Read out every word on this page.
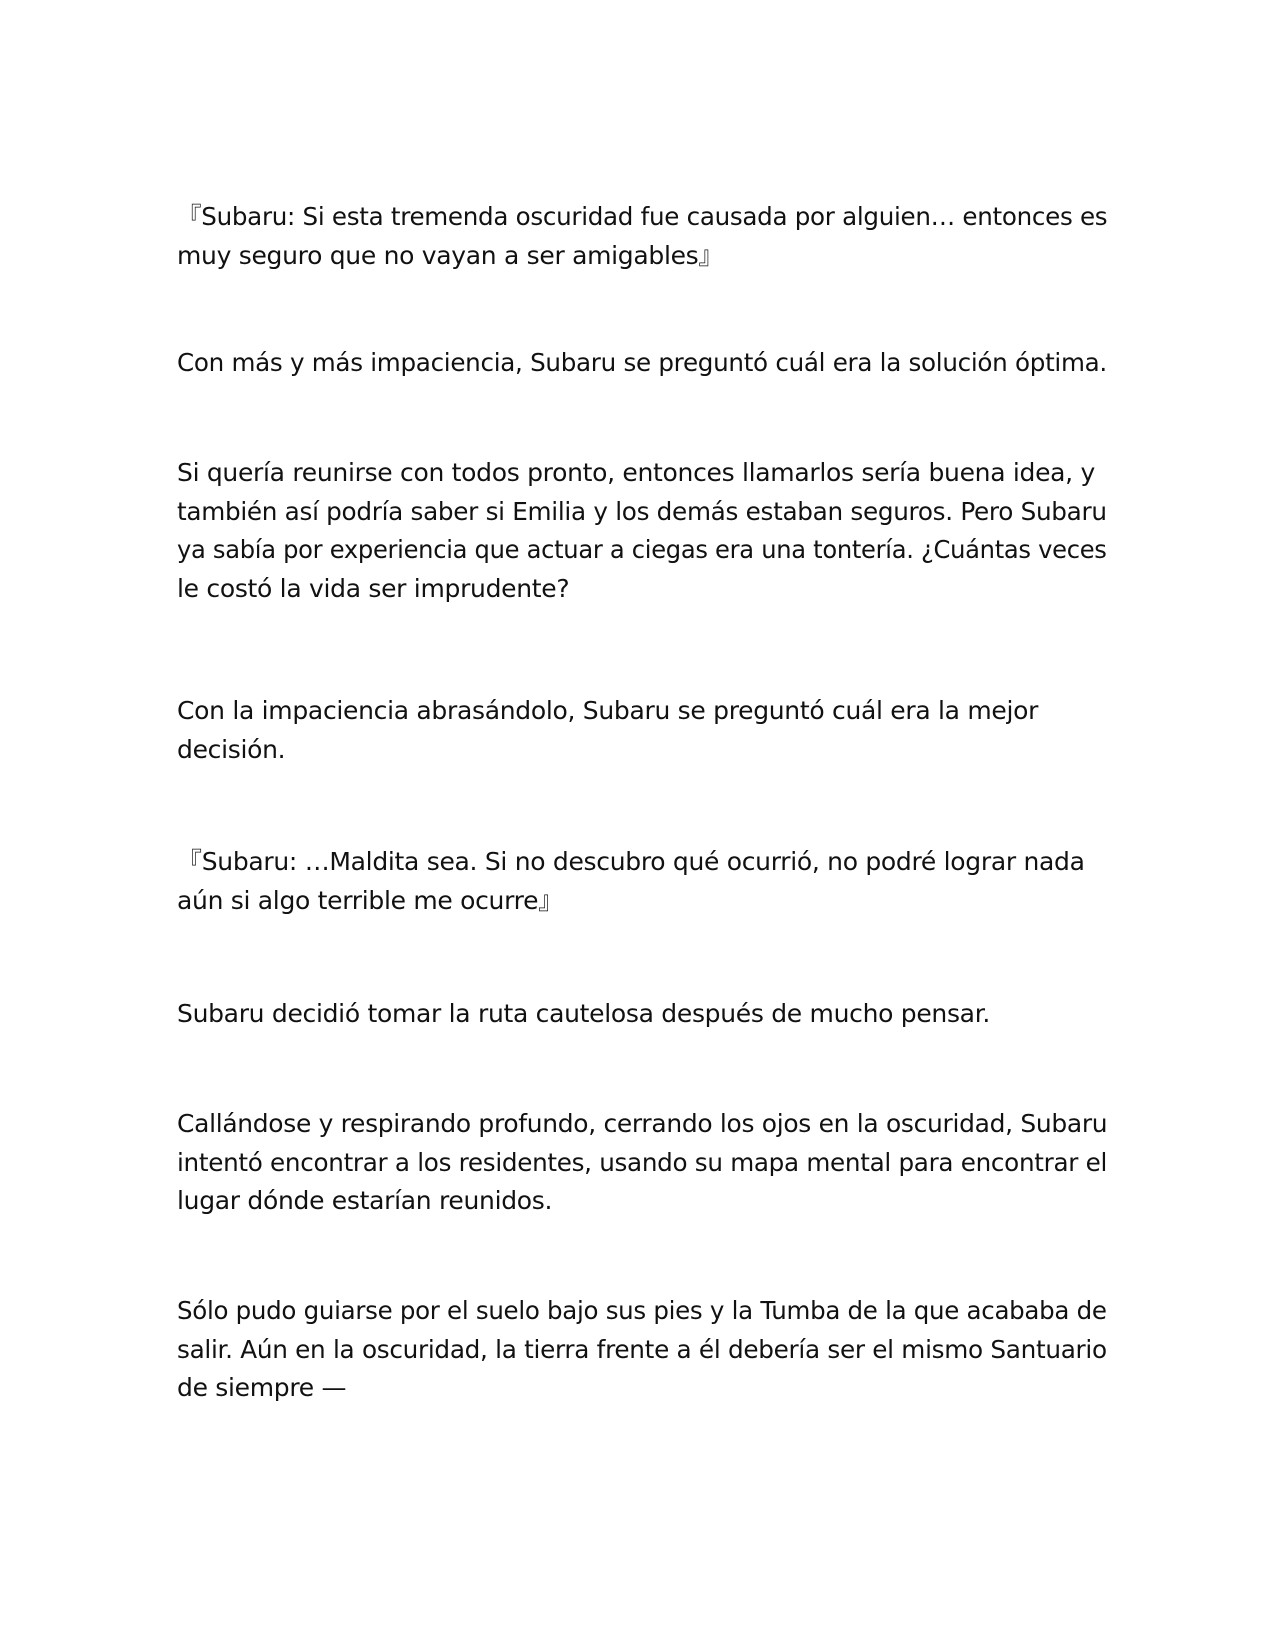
『Subaru: Si esta tremenda oscuridad fue causada por alguien… entonces es
muy seguro que no vayan a ser amigables』
Con más y más impaciencia, Subaru se preguntó cuál era la solución óptima.
Si quería reunirse con todos pronto, entonces llamarlos sería buena idea, y
también así podría saber si Emilia y los demás estaban seguros. Pero Subaru
ya sabía por experiencia que actuar a ciegas era una tontería. ¿Cuántas veces
le costó la vida ser imprudente?
Con la impaciencia abrasándolo, Subaru se preguntó cuál era la mejor
decisión.
『Subaru: …Maldita sea. Si no descubro qué ocurrió, no podré lograr nada
aún si algo terrible me ocurre』
Subaru decidió tomar la ruta cautelosa después de mucho pensar.
Callándose y respirando profundo, cerrando los ojos en la oscuridad, Subaru
intentó encontrar a los residentes, usando su mapa mental para encontrar el
lugar dónde estarían reunidos.
Sólo pudo guiarse por el suelo bajo sus pies y la Tumba de la que acababa de
salir. Aún en la oscuridad, la tierra frente a él debería ser el mismo Santuario
de siempre —
